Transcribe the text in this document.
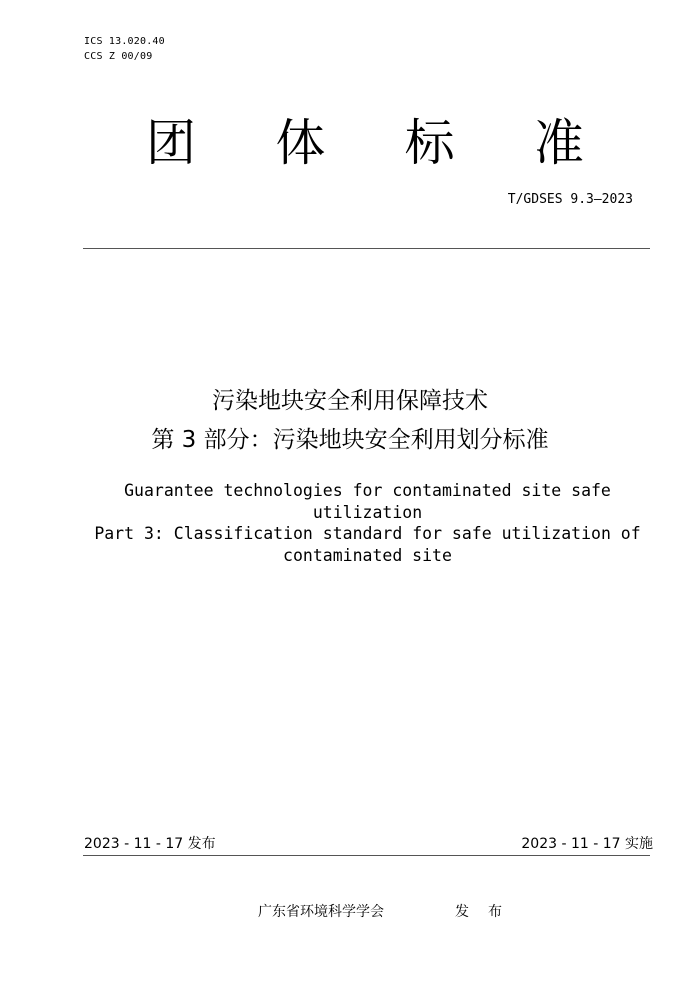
ICS 13.020.40
CCS Z 00/09
团 体 标 准
T/GDSES 9.3—2023
污染地块安全利用保障技术
第 3 部分：污染地块安全利用划分标准
Guarantee technologies for contaminated site safe
utilization
Part 3: Classification standard for safe utilization of
contaminated site
2023 - 11 - 17 发布	2023 - 11 - 17 实施
广东省环境科学学会	发布
